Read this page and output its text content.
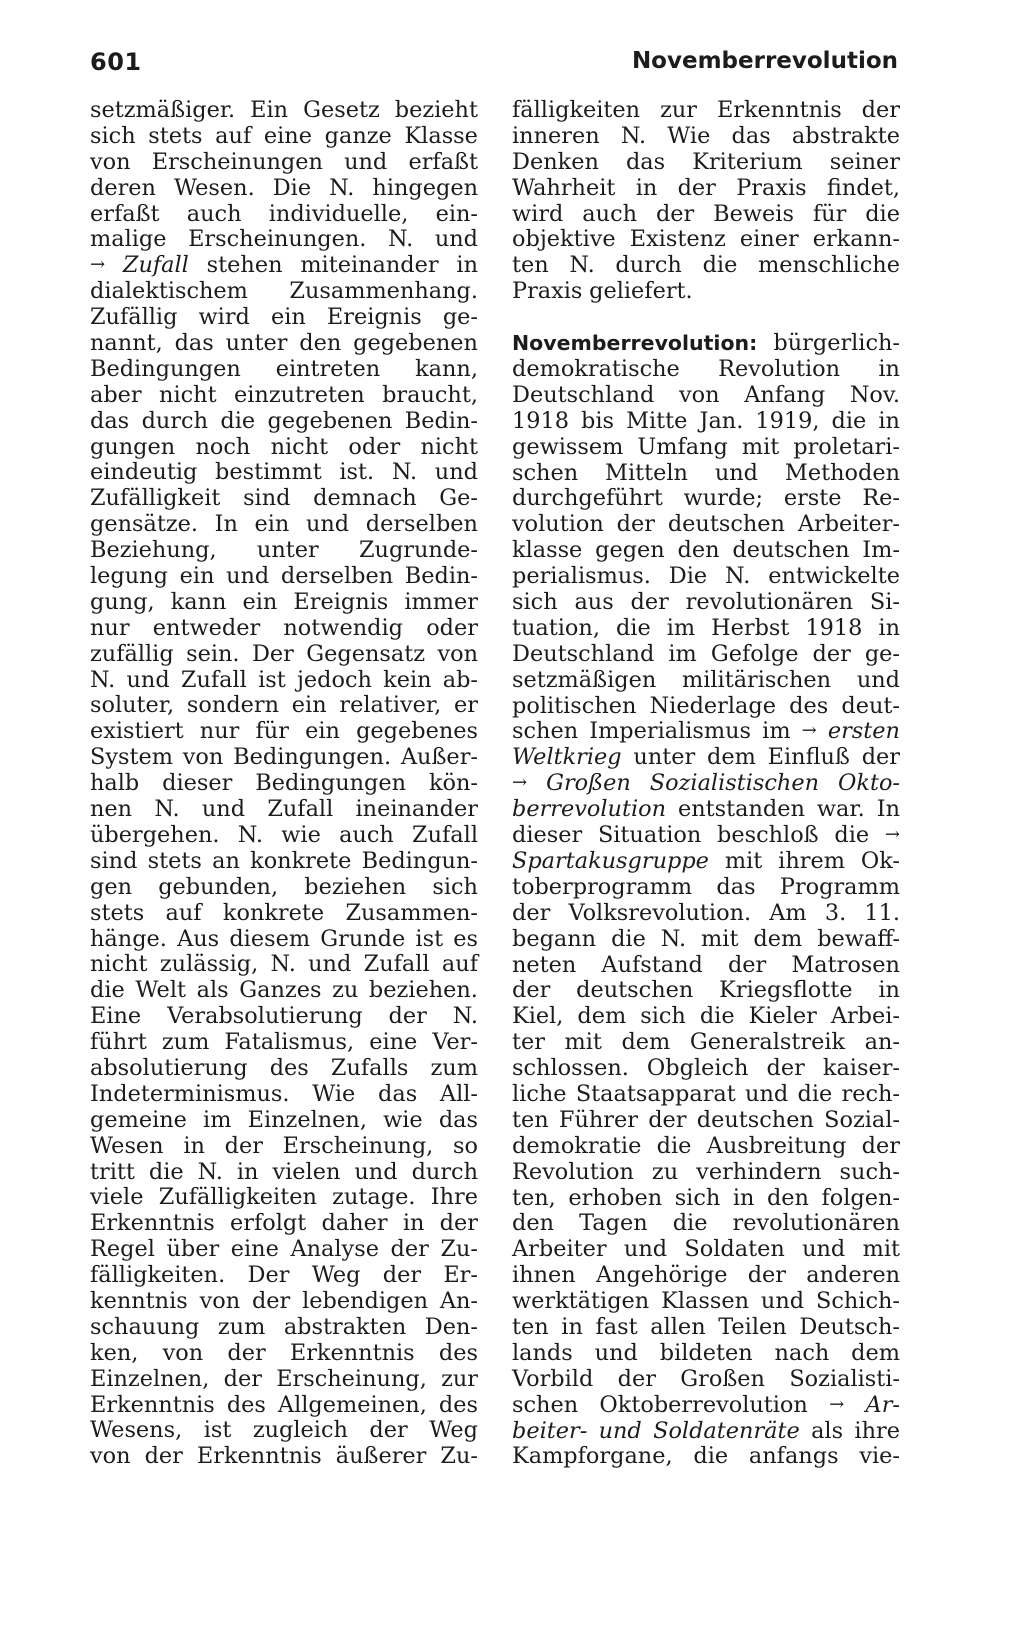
601	Novemberrevolution
setzmäßiger. Ein Gesetz bezieht
sich stets auf eine ganze Klasse
von Erscheinungen und erfaßt
deren Wesen. Die N. hingegen
erfaßt auch individuelle, ein-
malige Erscheinungen. N. und
→ Zufall stehen miteinander in
dialektischem Zusammenhang.
Zufällig wird ein Ereignis ge-
nannt, das unter den gegebenen
Bedingungen eintreten kann,
aber nicht einzutreten braucht,
das durch die gegebenen Bedin-
gungen noch nicht oder nicht
eindeutig bestimmt ist. N. und
Zufälligkeit sind demnach Ge-
gensätze. In ein und derselben
Beziehung, unter Zugrunde-
legung ein und derselben Bedin-
gung, kann ein Ereignis immer
nur entweder notwendig oder
zufällig sein. Der Gegensatz von
N. und Zufall ist jedoch kein ab-
soluter, sondern ein relativer, er
existiert nur für ein gegebenes
System von Bedingungen. Außer-
halb dieser Bedingungen kön-
nen N. und Zufall ineinander
übergehen. N. wie auch Zufall
sind stets an konkrete Bedingun-
gen gebunden, beziehen sich
stets auf konkrete Zusammen-
hänge. Aus diesem Grunde ist es
nicht zulässig, N. und Zufall auf
die Welt als Ganzes zu beziehen.
Eine Verabsolutierung der N.
führt zum Fatalismus, eine Ver-
absolutierung des Zufalls zum
Indeterminismus. Wie das All-
gemeine im Einzelnen, wie das
Wesen in der Erscheinung, so
tritt die N. in vielen und durch
viele Zufälligkeiten zutage. Ihre
Erkenntnis erfolgt daher in der
Regel über eine Analyse der Zu-
fälligkeiten. Der Weg der Er-
kenntnis von der lebendigen An-
schauung zum abstrakten Den-
ken, von der Erkenntnis des
Einzelnen, der Erscheinung, zur
Erkenntnis des Allgemeinen, des
Wesens, ist zugleich der Weg
von der Erkenntnis äußerer Zu-
fälligkeiten zur Erkenntnis der
inneren N. Wie das abstrakte
Denken das Kriterium seiner
Wahrheit in der Praxis findet,
wird auch der Beweis für die
objektive Existenz einer erkann-
ten N. durch die menschliche
Praxis geliefert.
Novemberrevolution: bürgerlich-
demokratische Revolution in
Deutschland von Anfang Nov.
1918 bis Mitte Jan. 1919, die in
gewissem Umfang mit proletari-
schen Mitteln und Methoden
durchgeführt wurde; erste Re-
volution der deutschen Arbeiter-
klasse gegen den deutschen Im-
perialismus. Die N. entwickelte
sich aus der revolutionären Si-
tuation, die im Herbst 1918 in
Deutschland im Gefolge der ge-
setzmäßigen militärischen und
politischen Niederlage des deut-
schen Imperialismus im → ersten
Weltkrieg unter dem Einfluß der
→ Großen Sozialistischen Okto-
berrevolution entstanden war. In
dieser Situation beschloß die →
Spartakusgruppe mit ihrem Ok-
toberprogramm das Programm
der Volksrevolution. Am 3. 11.
begann die N. mit dem bewaff-
neten Aufstand der Matrosen
der deutschen Kriegsflotte in
Kiel, dem sich die Kieler Arbei-
ter mit dem Generalstreik an-
schlossen. Obgleich der kaiser-
liche Staatsapparat und die rech-
ten Führer der deutschen Sozial-
demokratie die Ausbreitung der
Revolution zu verhindern such-
ten, erhoben sich in den folgen-
den Tagen die revolutionären
Arbeiter und Soldaten und mit
ihnen Angehörige der anderen
werktätigen Klassen und Schich-
ten in fast allen Teilen Deutsch-
lands und bildeten nach dem
Vorbild der Großen Sozialisti-
schen Oktoberrevolution → Ar-
beiter- und Soldatenräte als ihre
Kampforgane, die anfangs vie-
